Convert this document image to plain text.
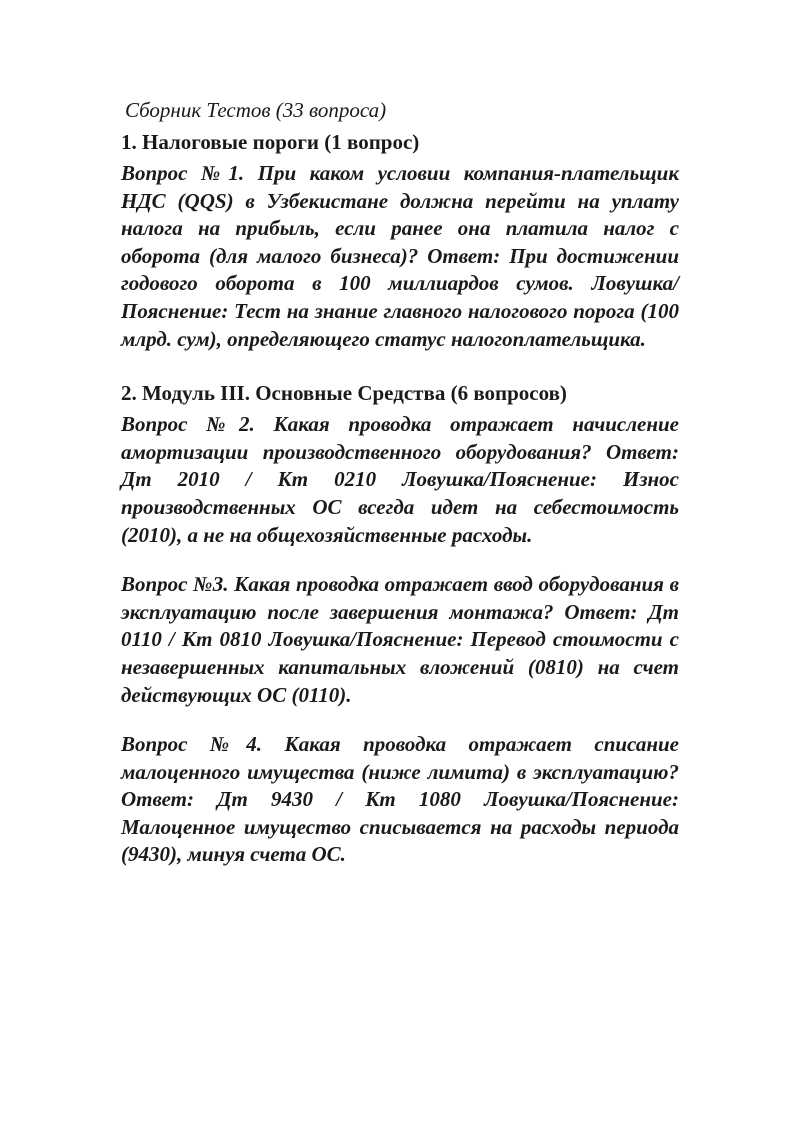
Сборник Тестов (33 вопроса)

1. Налоговые пороги (1 вопрос)

Вопрос №1. При каком условии компания-плательщик НДС (QQS) в Узбекистане должна перейти на уплату налога на прибыль, если ранее она платила налог с оборота (для малого бизнеса)? Ответ: При достижении годового оборота в 100 миллиардов сумов. Ловушка/Пояснение: Тест на знание главного налогового порога (100 млрд. сум), определяющего статус налогоплательщика.

2. Модуль III. Основные Средства (6 вопросов)

Вопрос №2. Какая проводка отражает начисление амортизации производственного оборудования? Ответ: Дт 2010 / Кт 0210 Ловушка/Пояснение: Износ производственных ОС всегда идет на себестоимость (2010), а не на общехозяйственные расходы.

Вопрос №3. Какая проводка отражает ввод оборудования в эксплуатацию после завершения монтажа? Ответ: Дт 0110 / Кт 0810 Ловушка/Пояснение: Перевод стоимости с незавершенных капитальных вложений (0810) на счет действующих ОС (0110).

Вопрос №4. Какая проводка отражает списание малоценного имущества (ниже лимита) в эксплуатацию? Ответ: Дт 9430 / Кт 1080 Ловушка/Пояснение: Малоценное имущество списывается на расходы периода (9430), минуя счета ОС.
